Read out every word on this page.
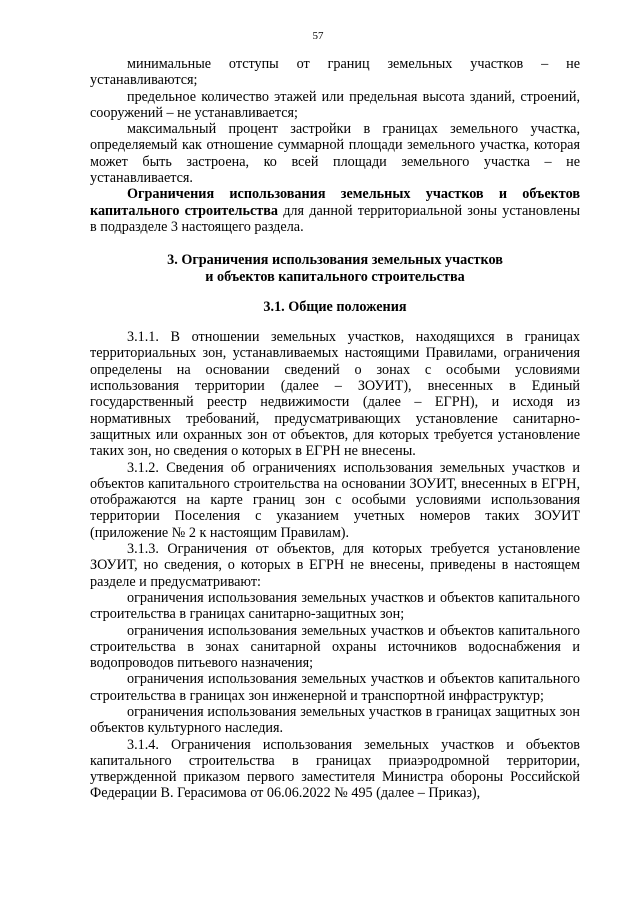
57

минимальные отступы от границ земельных участков – не устанавливаются;

предельное количество этажей или предельная высота зданий, строений, сооружений – не устанавливается;

максимальный процент застройки в границах земельного участка, определяемый как отношение суммарной площади земельного участка, которая может быть застроена, ко всей площади земельного участка – не устанавливается.

Ограничения использования земельных участков и объектов капитального строительства для данной территориальной зоны установлены в подразделе 3 настоящего раздела.

3. Ограничения использования земельных участков
и объектов капитального строительства

3.1. Общие положения

3.1.1. В отношении земельных участков, находящихся в границах территориальных зон, устанавливаемых настоящими Правилами, ограничения определены на основании сведений о зонах с особыми условиями использования территории (далее – ЗОУИТ), внесенных в Единый государственный реестр недвижимости (далее – ЕГРН), и исходя из нормативных требований, предусматривающих установление санитарно-защитных или охранных зон от объектов, для которых требуется установление таких зон, но сведения о которых в ЕГРН не внесены.

3.1.2. Сведения об ограничениях использования земельных участков и объектов капитального строительства на основании ЗОУИТ, внесенных в ЕГРН, отображаются на карте границ зон с особыми условиями использования территории Поселения с указанием учетных номеров таких ЗОУИТ (приложение № 2 к настоящим Правилам).

3.1.3. Ограничения от объектов, для которых требуется установление ЗОУИТ, но сведения, о которых в ЕГРН не внесены, приведены в настоящем разделе и предусматривают:

ограничения использования земельных участков и объектов капитального строительства в границах санитарно-защитных зон;

ограничения использования земельных участков и объектов капитального строительства в зонах санитарной охраны источников водоснабжения и водопроводов питьевого назначения;

ограничения использования земельных участков и объектов капитального строительства в границах зон инженерной и транспортной инфраструктур;

ограничения использования земельных участков в границах защитных зон объектов культурного наследия.

3.1.4. Ограничения использования земельных участков и объектов капитального строительства в границах приаэродромной территории, утвержденной приказом первого заместителя Министра обороны Российской Федерации В. Герасимова от 06.06.2022 № 495 (далее – Приказ),
